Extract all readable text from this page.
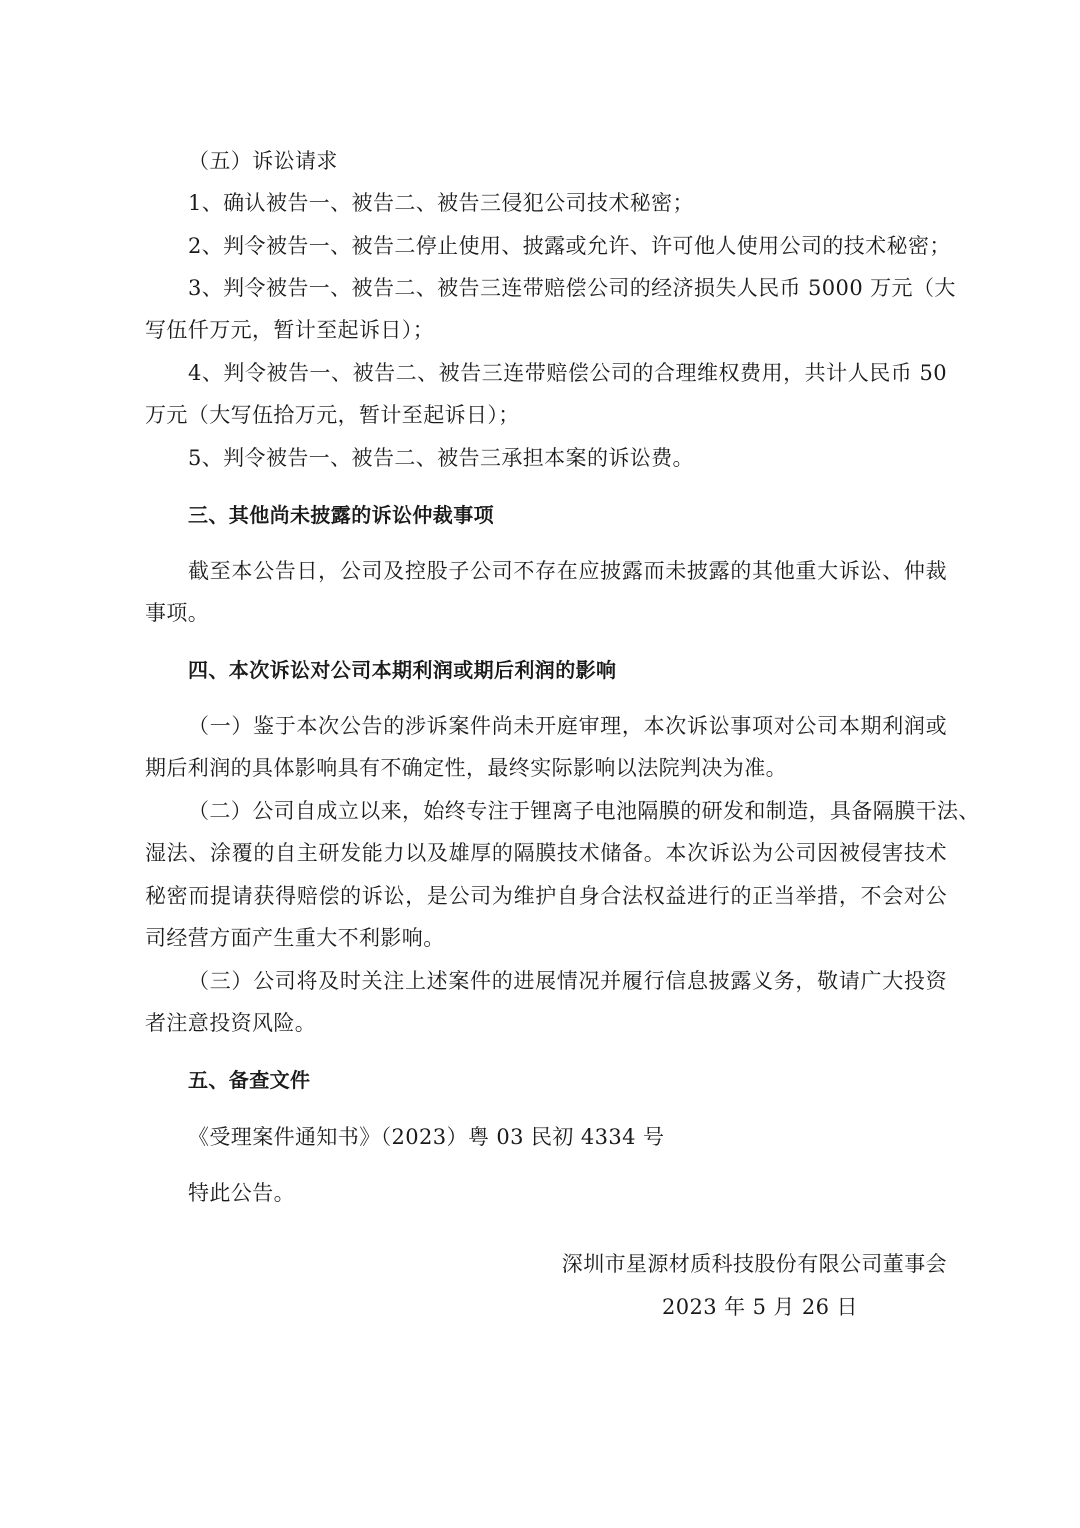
（五）诉讼请求
1、确认被告一、被告二、被告三侵犯公司技术秘密；
2、判令被告一、被告二停止使用、披露或允许、许可他人使用公司的技术秘密；
3、判令被告一、被告二、被告三连带赔偿公司的经济损失人民币 5000 万元（大
写伍仟万元，暂计至起诉日）；
4、判令被告一、被告二、被告三连带赔偿公司的合理维权费用，共计人民币 50
万元（大写伍拾万元，暂计至起诉日）；
5、判令被告一、被告二、被告三承担本案的诉讼费。
三、其他尚未披露的诉讼仲裁事项
截至本公告日，公司及控股子公司不存在应披露而未披露的其他重大诉讼、仲裁
事项。
四、本次诉讼对公司本期利润或期后利润的影响
（一）鉴于本次公告的涉诉案件尚未开庭审理，本次诉讼事项对公司本期利润或
期后利润的具体影响具有不确定性，最终实际影响以法院判决为准。
（二）公司自成立以来，始终专注于锂离子电池隔膜的研发和制造，具备隔膜干法、
湿法、涂覆的自主研发能力以及雄厚的隔膜技术储备。本次诉讼为公司因被侵害技术
秘密而提请获得赔偿的诉讼，是公司为维护自身合法权益进行的正当举措，不会对公
司经营方面产生重大不利影响。
（三）公司将及时关注上述案件的进展情况并履行信息披露义务，敬请广大投资
者注意投资风险。
五、备查文件
《受理案件通知书》（2023）粤 03 民初 4334 号
特此公告。
深圳市星源材质科技股份有限公司董事会
2023 年 5 月 26 日
